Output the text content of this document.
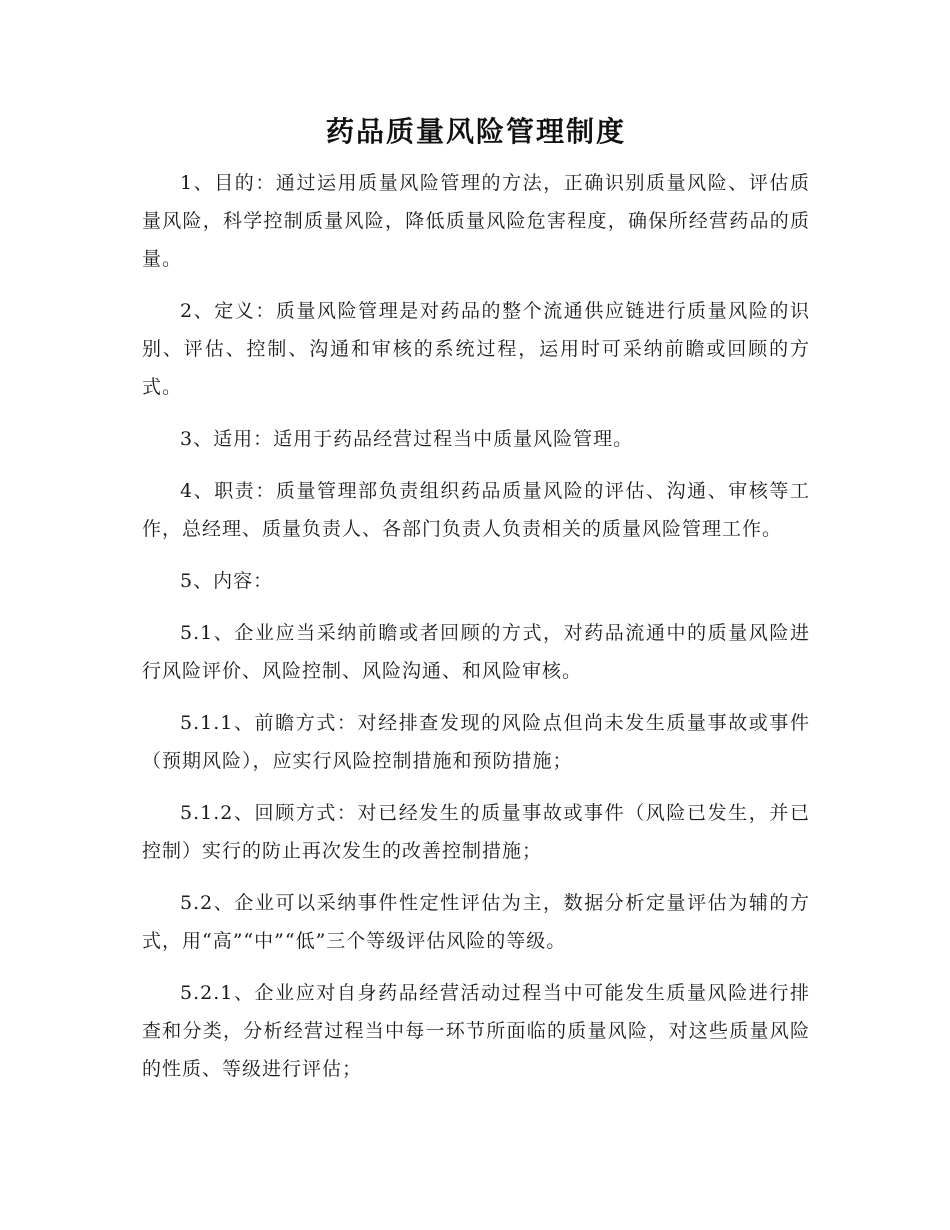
药品质量风险管理制度

1、目的：通过运用质量风险管理的方法，正确识别质量风险、评估质量风险，科学控制质量风险，降低质量风险危害程度，确保所经营药品的质量。

2、定义：质量风险管理是对药品的整个流通供应链进行质量风险的识别、评估、控制、沟通和审核的系统过程，运用时可采纳前瞻或回顾的方式。

3、适用：适用于药品经营过程当中质量风险管理。

4、职责：质量管理部负责组织药品质量风险的评估、沟通、审核等工作，总经理、质量负责人、各部门负责人负责相关的质量风险管理工作。

5、内容：

5.1、企业应当采纳前瞻或者回顾的方式，对药品流通中的质量风险进行风险评价、风险控制、风险沟通、和风险审核。

5.1.1、前瞻方式：对经排查发现的风险点但尚未发生质量事故或事件（预期风险），应实行风险控制措施和预防措施；

5.1.2、回顾方式：对已经发生的质量事故或事件（风险已发生，并已控制）实行的防止再次发生的改善控制措施；

5.2、企业可以采纳事件性定性评估为主，数据分析定量评估为辅的方式，用“高”“中”“低”三个等级评估风险的等级。

5.2.1、企业应对自身药品经营活动过程当中可能发生质量风险进行排查和分类，分析经营过程当中每一环节所面临的质量风险，对这些质量风险的性质、等级进行评估；
